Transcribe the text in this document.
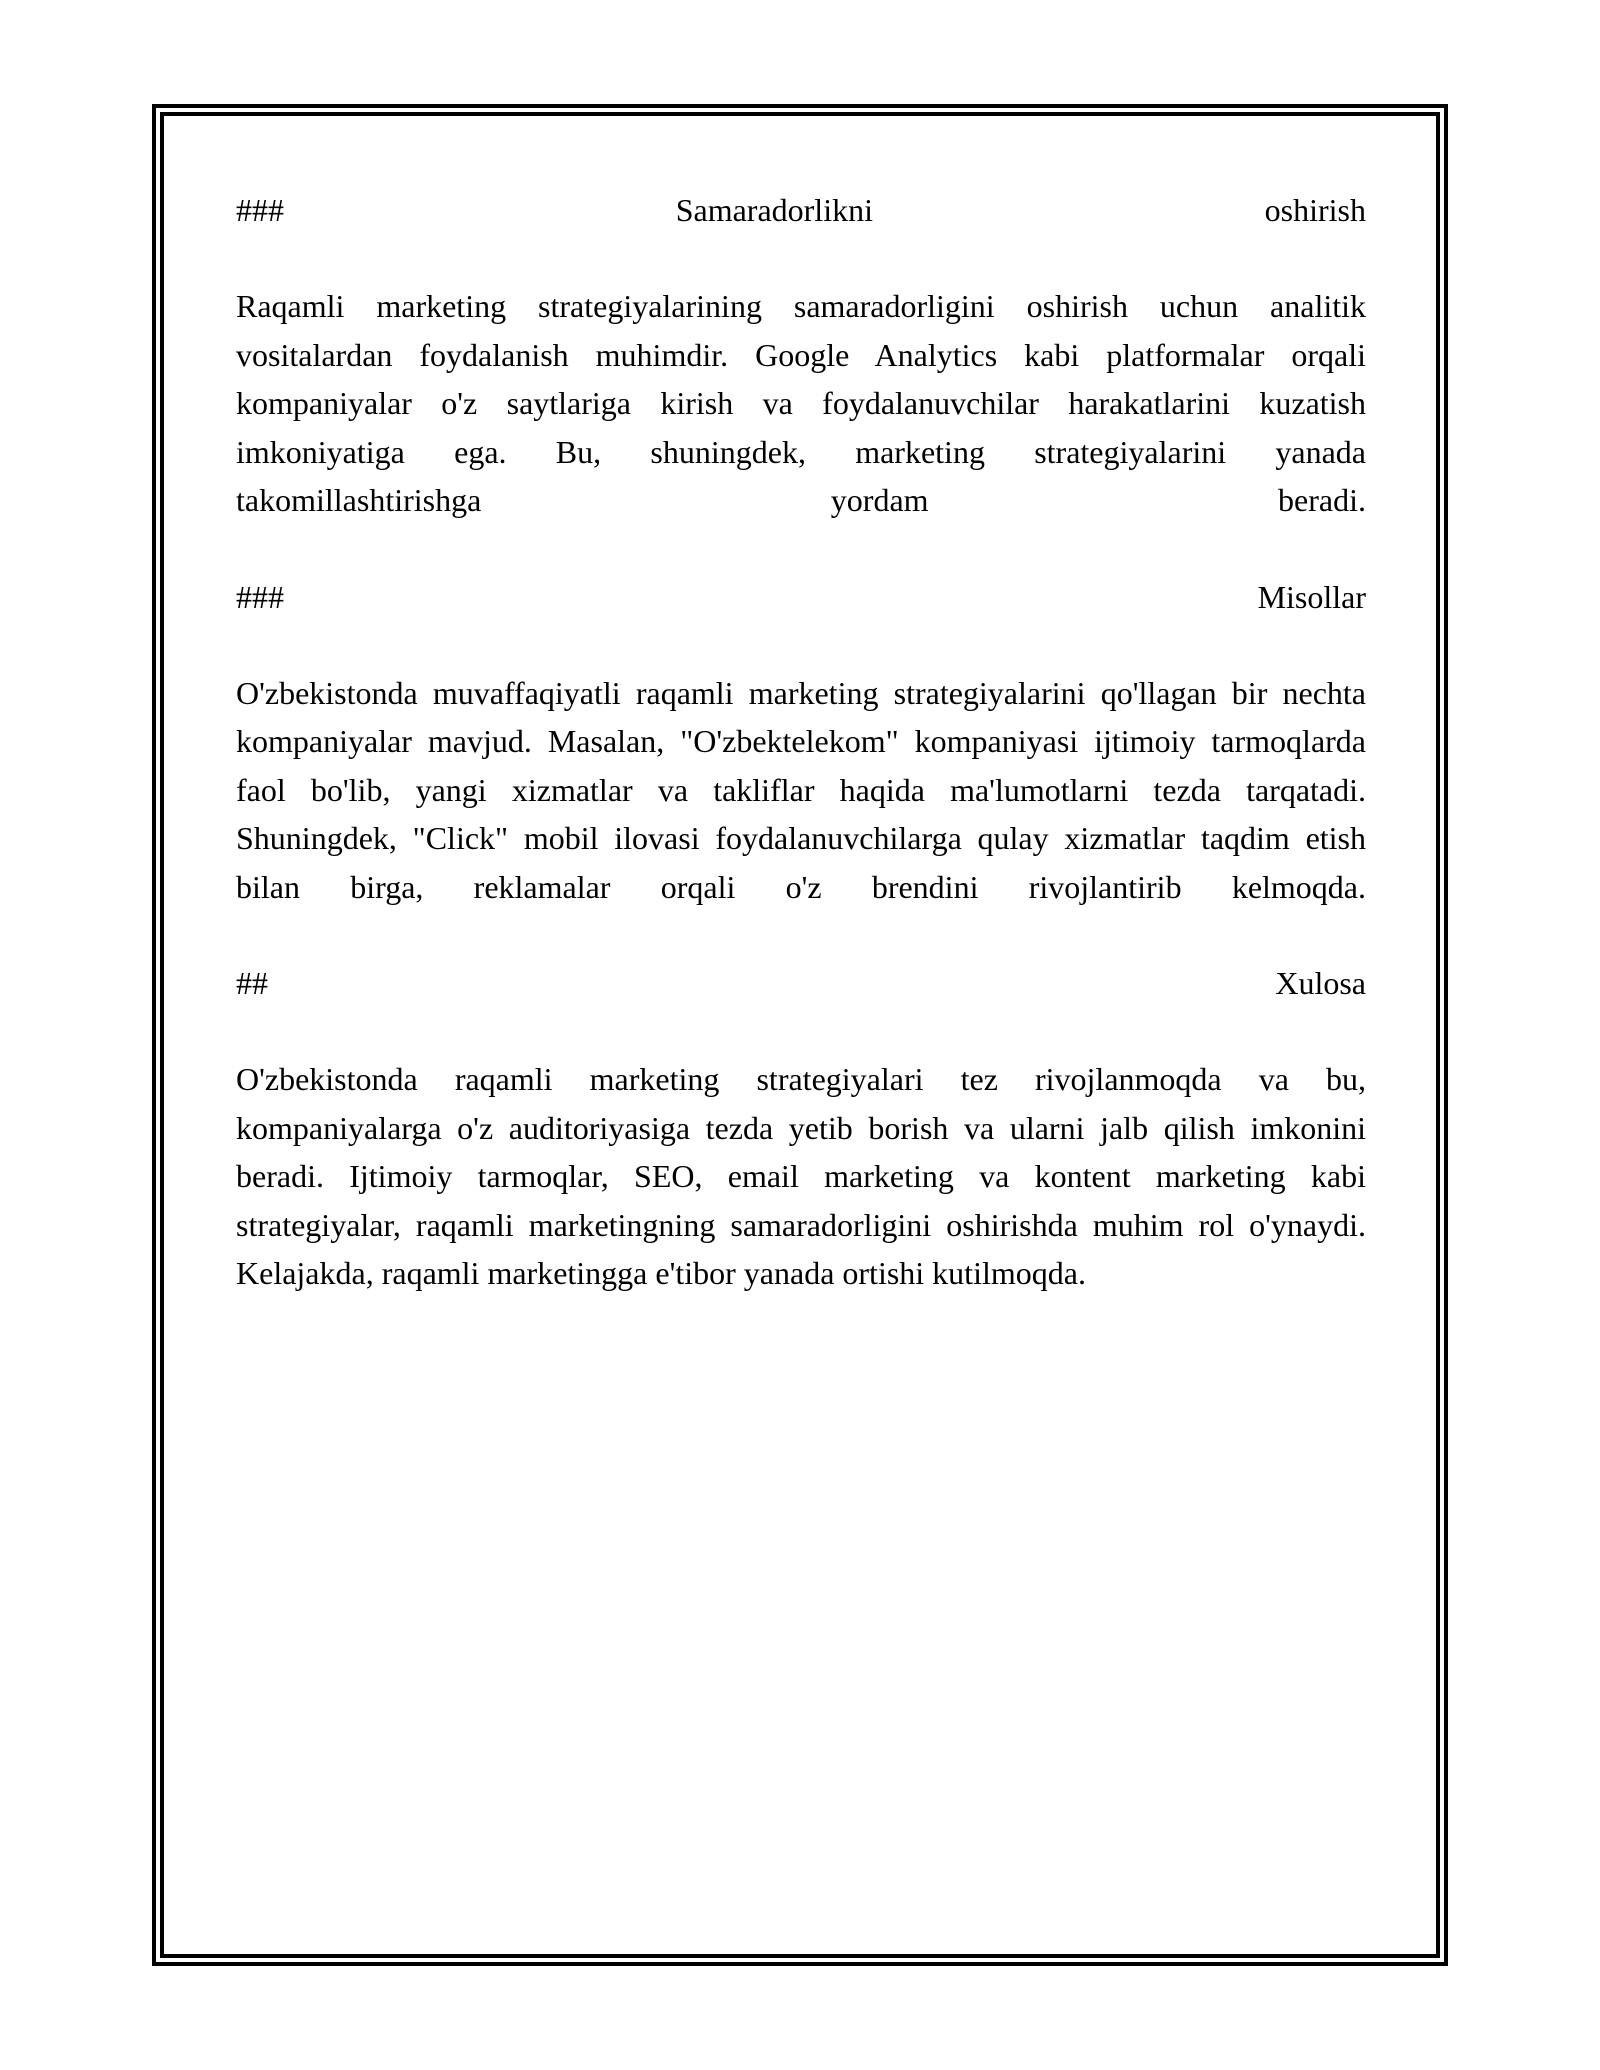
###	Samaradorlikni	oshirish

Raqamli marketing strategiyalarining samaradorligini oshirish uchun analitik vositalardan foydalanish muhimdir. Google Analytics kabi platformalar orqali kompaniyalar o'z saytlariga kirish va foydalanuvchilar harakatlarini kuzatish imkoniyatiga ega. Bu, shuningdek, marketing strategiyalarini yanada takomillashtirishga yordam beradi.

###	Misollar

O'zbekistonda muvaffaqiyatli raqamli marketing strategiyalarini qo'llagan bir nechta kompaniyalar mavjud. Masalan, "O'zbektelekom" kompaniyasi ijtimoiy tarmoqlarda faol bo'lib, yangi xizmatlar va takliflar haqida ma'lumotlarni tezda tarqatadi. Shuningdek, "Click" mobil ilovasi foydalanuvchilarga qulay xizmatlar taqdim etish bilan birga, reklamalar orqali o'z brendini rivojlantirib kelmoqda.

##	Xulosa

O'zbekistonda raqamli marketing strategiyalari tez rivojlanmoqda va bu, kompaniyalarga o'z auditoriyasiga tezda yetib borish va ularni jalb qilish imkonini beradi. Ijtimoiy tarmoqlar, SEO, email marketing va kontent marketing kabi strategiyalar, raqamli marketingning samaradorligini oshirishda muhim rol o'ynaydi. Kelajakda, raqamli marketingga e'tibor yanada ortishi kutilmoqda.
